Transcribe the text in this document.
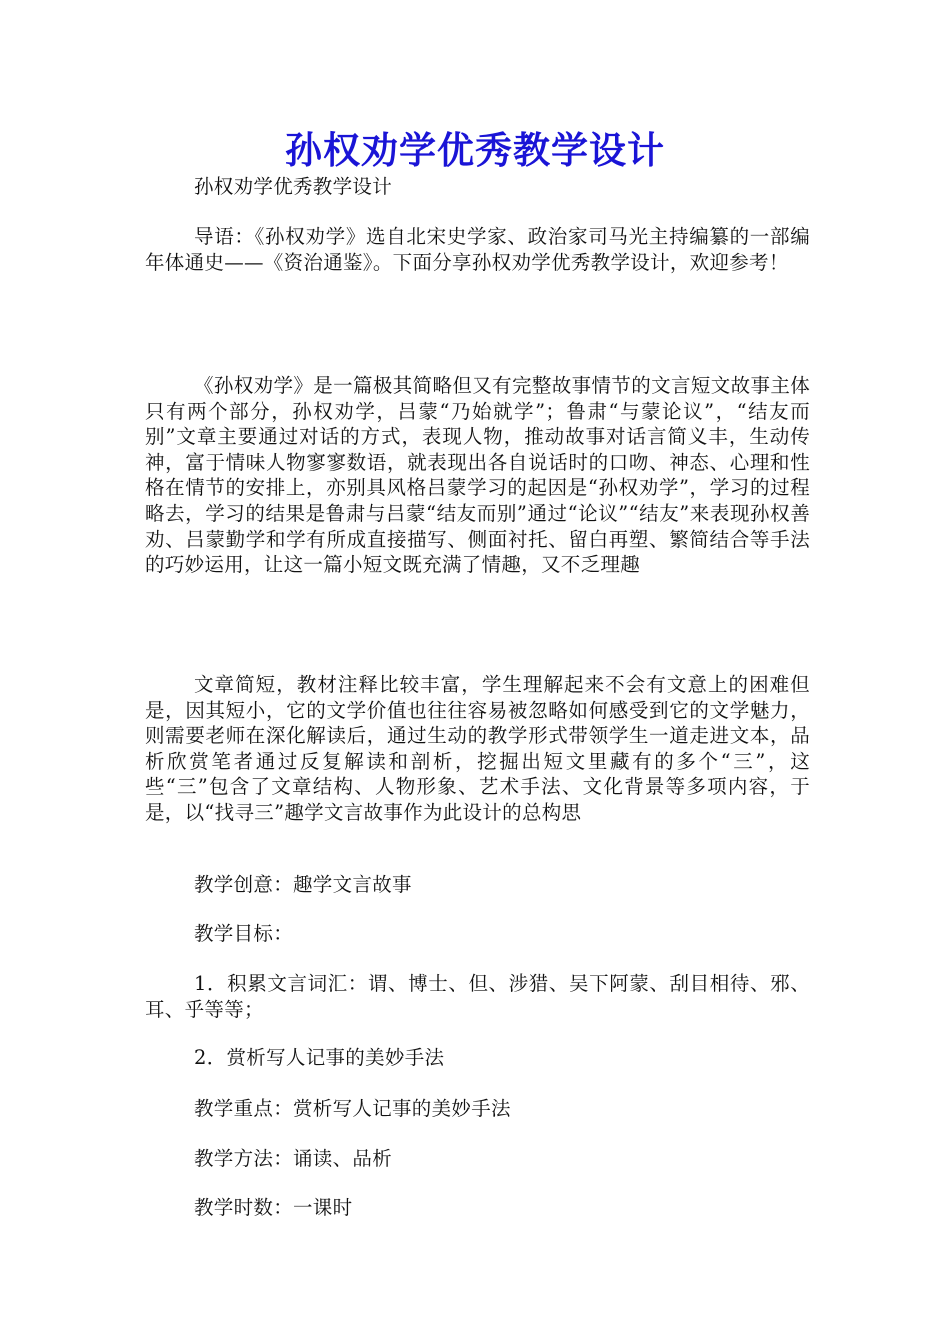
孙权劝学优秀教学设计
孙权劝学优秀教学设计
导语：《孙权劝学》选自北宋史学家、政治家司马光主持编纂的一部编年体通史——《资治通鉴》。下面分享孙权劝学优秀教学设计，欢迎参考！
《孙权劝学》是一篇极其简略但又有完整故事情节的文言短文故事主体只有两个部分，孙权劝学，吕蒙“乃始就学”；鲁肃“与蒙论议”，“结友而别”文章主要通过对话的方式，表现人物，推动故事对话言简义丰，生动传神，富于情味人物寥寥数语，就表现出各自说话时的口吻、神态、心理和性格在情节的安排上，亦别具风格吕蒙学习的起因是“孙权劝学”，学习的过程略去，学习的结果是鲁肃与吕蒙“结友而别”通过“论议”“结友”来表现孙权善劝、吕蒙勤学和学有所成直接描写、侧面衬托、留白再塑、繁简结合等手法的巧妙运用，让这一篇小短文既充满了情趣，又不乏理趣
文章简短，教材注释比较丰富，学生理解起来不会有文意上的困难但是，因其短小，它的文学价值也往往容易被忽略如何感受到它的文学魅力，则需要老师在深化解读后，通过生动的教学形式带领学生一道走进文本，品析欣赏笔者通过反复解读和剖析，挖掘出短文里藏有的多个“三”，这些“三”包含了文章结构、人物形象、艺术手法、文化背景等多项内容，于是，以“找寻三”趣学文言故事作为此设计的总构思
教学创意：趣学文言故事
教学目标：
1．积累文言词汇：谓、博士、但、涉猎、吴下阿蒙、刮目相待、邪、耳、乎等等；
2．赏析写人记事的美妙手法
教学重点：赏析写人记事的美妙手法
教学方法：诵读、品析
教学时数：一课时
